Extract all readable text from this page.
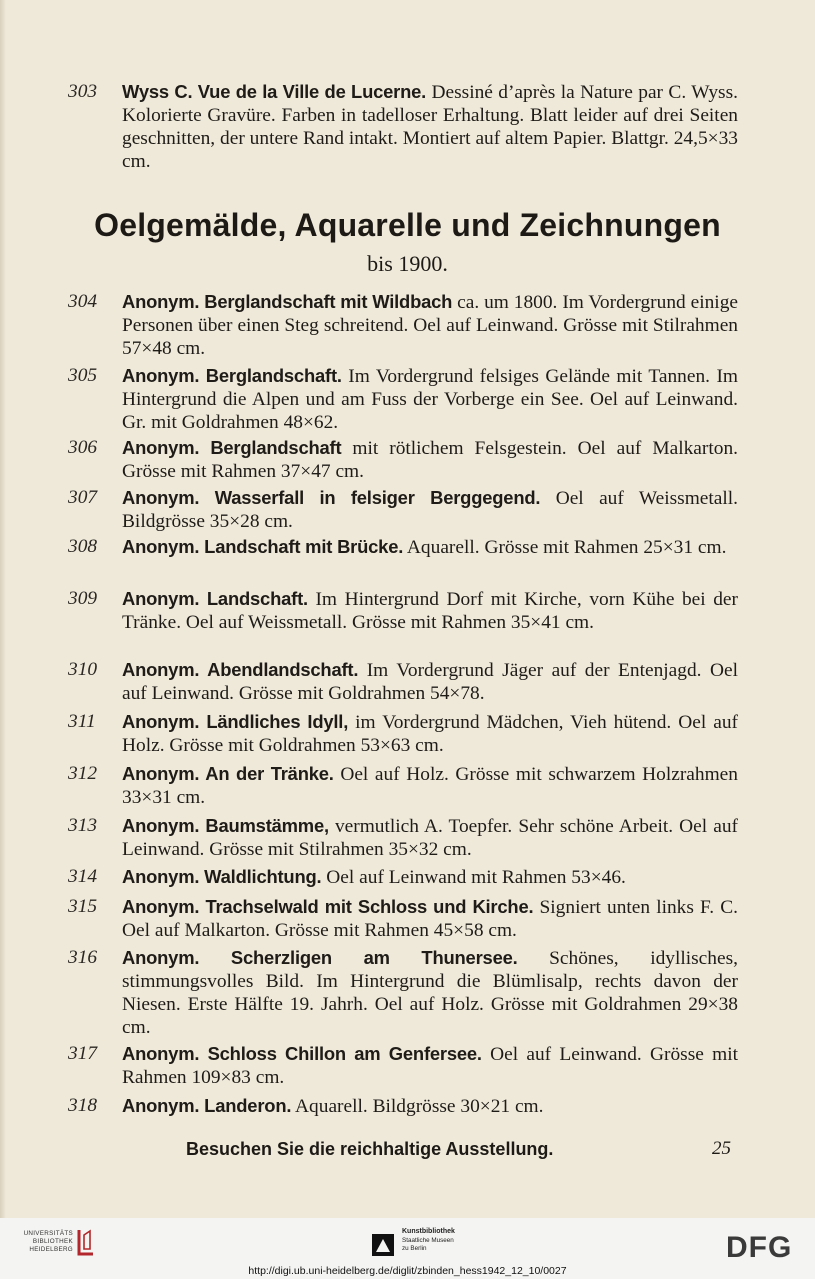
303	Wyss C. Vue de la Ville de Lucerne. Dessiné d’après la Nature par C. Wyss. Kolorierte Gravüre. Farben in tadelloser Erhaltung. Blatt leider auf drei Seiten geschnitten, der untere Rand intakt. Montiert auf altem Papier. Blattgr. 24,5×33 cm.
Oelgemälde, Aquarelle und Zeichnungen
bis 1900.
304	Anonym. Berglandschaft mit Wildbach ca. um 1800. Im Vordergrund einige Personen über einen Steg schreitend. Oel auf Leinwand. Grösse mit Stilrahmen 57×48 cm.
305	Anonym. Berglandschaft. Im Vordergrund felsiges Gelände mit Tannen. Im Hintergrund die Alpen und am Fuss der Vorberge ein See. Oel auf Leinwand. Gr. mit Goldrahmen 48×62.
306	Anonym. Berglandschaft mit rötlichem Felsgestein. Oel auf Malkarton. Grösse mit Rahmen 37×47 cm.
307	Anonym. Wasserfall in felsiger Berggegend. Oel auf Weissmetall. Bildgrösse 35×28 cm.
308	Anonym. Landschaft mit Brücke. Aquarell. Grösse mit Rahmen 25×31 cm.
309	Anonym. Landschaft. Im Hintergrund Dorf mit Kirche, vorn Kühe bei der Tränke. Oel auf Weissmetall. Grösse mit Rahmen 35×41 cm.
310	Anonym. Abendlandschaft. Im Vordergrund Jäger auf der Entenjagd. Oel auf Leinwand. Grösse mit Goldrahmen 54×78.
311	Anonym. Ländliches Idyll, im Vordergrund Mädchen, Vieh hütend. Oel auf Holz. Grösse mit Goldrahmen 53×63 cm.
312	Anonym. An der Tränke. Oel auf Holz. Grösse mit schwarzem Holzrahmen 33×31 cm.
313	Anonym. Baumstämme, vermutlich A. Toepfer. Sehr schöne Arbeit. Oel auf Leinwand. Grösse mit Stilrahmen 35×32 cm.
314	Anonym. Waldlichtung. Oel auf Leinwand mit Rahmen 53×46.
315	Anonym. Trachselwald mit Schloss und Kirche. Signiert unten links F. C. Oel auf Malkarton. Grösse mit Rahmen 45×58 cm.
316	Anonym. Scherzligen am Thunersee. Schönes, idyllisches, stimmungsvolles Bild. Im Hintergrund die Blümlisalp, rechts davon der Niesen. Erste Hälfte 19. Jahrh. Oel auf Holz. Grösse mit Goldrahmen 29×38 cm.
317	Anonym. Schloss Chillon am Genfersee. Oel auf Leinwand. Grösse mit Rahmen 109×83 cm.
318	Anonym. Landeron. Aquarell. Bildgrösse 30×21 cm.
Besuchen Sie die reichhaltige Ausstellung.	25
UNIVERSITÄTS
BIBLIOTHEK
HEIDELBERG
Kunstbibliothek
Staatliche Museen
zu Berlin	DFG
http://digi.ub.uni-heidelberg.de/diglit/zbinden_hess1942_12_10/0027
